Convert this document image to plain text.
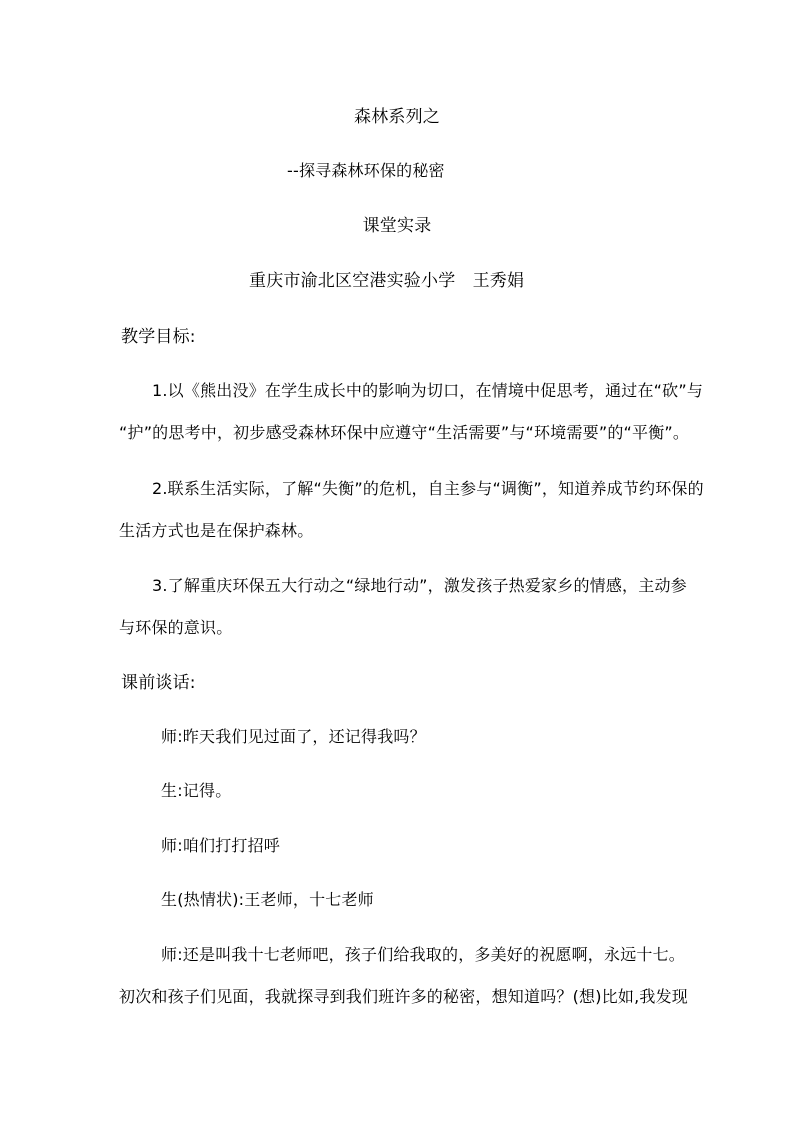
森林系列之
--探寻森林环保的秘密
课堂实录
重庆市渝北区空港实验小学　王秀娟
教学目标:
1.以《熊出没》在学生成长中的影响为切口，在情境中促思考，通过在“砍”与
“护”的思考中，初步感受森林环保中应遵守“生活需要”与“环境需要”的“平衡”。
2.联系生活实际，了解“失衡”的危机，自主参与“调衡”，知道养成节约环保的
生活方式也是在保护森林。
3.了解重庆环保五大行动之“绿地行动”，激发孩子热爱家乡的情感，主动参
与环保的意识。
课前谈话:
师:昨天我们见过面了，还记得我吗？
生:记得。
师:咱们打打招呼
生(热情状):王老师，十七老师
师:还是叫我十七老师吧，孩子们给我取的，多美好的祝愿啊，永远十七。
初次和孩子们见面，我就探寻到我们班许多的秘密，想知道吗？(想)比如,我发现
